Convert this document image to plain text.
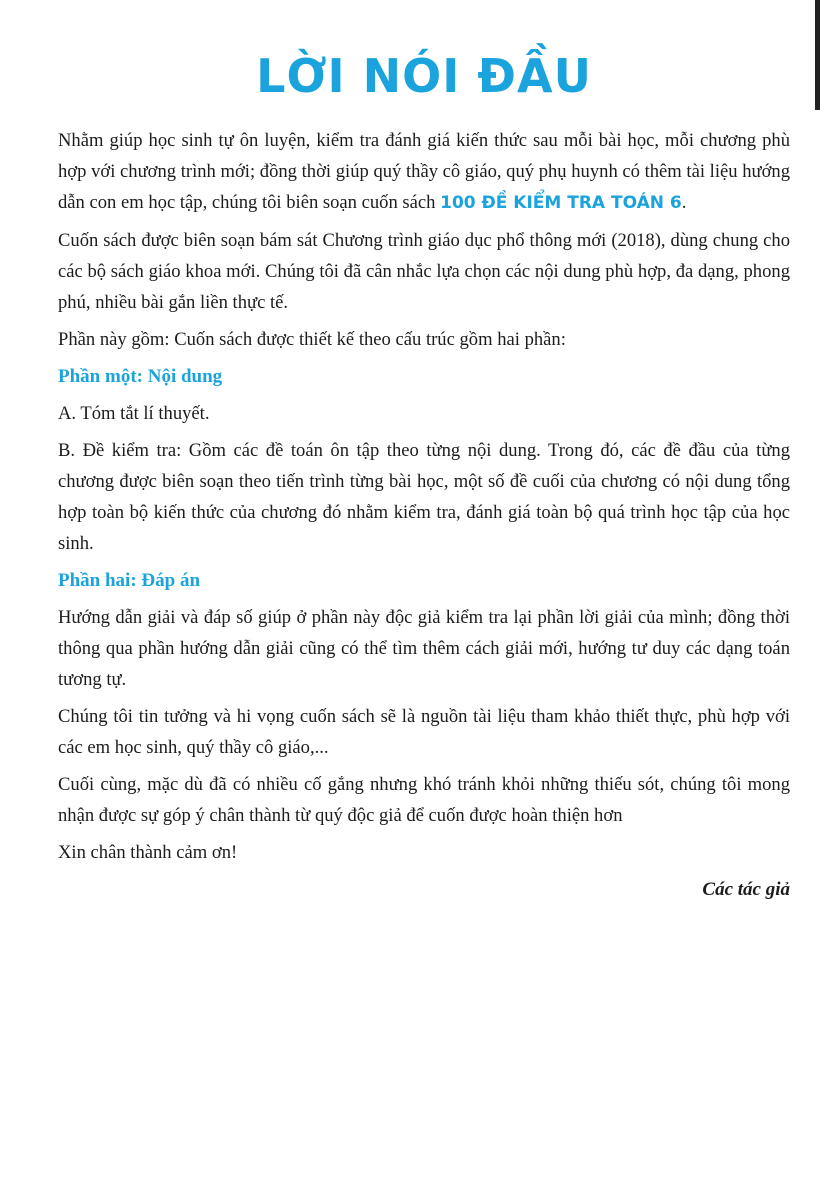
LỜI NÓI ĐẦU

Nhằm giúp học sinh tự ôn luyện, kiểm tra đánh giá kiến thức sau mỗi bài học, mỗi chương phù hợp với chương trình mới; đồng thời giúp quý thầy cô giáo, quý phụ huynh có thêm tài liệu hướng dẫn con em học tập, chúng tôi biên soạn cuốn sách 100 ĐỀ KIỂM TRA TOÁN 6.

Cuốn sách được biên soạn bám sát Chương trình giáo dục phổ thông mới (2018), dùng chung cho các bộ sách giáo khoa mới. Chúng tôi đã cân nhắc lựa chọn các nội dung phù hợp, đa dạng, phong phú, nhiều bài gắn liền thực tế.

Phần này gồm: Cuốn sách được thiết kế theo cấu trúc gồm hai phần:

Phần một: Nội dung

A. Tóm tắt lí thuyết.

B. Đề kiểm tra: Gồm các đề toán ôn tập theo từng nội dung. Trong đó, các đề đầu của từng chương được biên soạn theo tiến trình từng bài học, một số đề cuối của chương có nội dung tổng hợp toàn bộ kiến thức của chương đó nhằm kiểm tra, đánh giá toàn bộ quá trình học tập của học sinh.

Phần hai: Đáp án

Hướng dẫn giải và đáp số giúp ở phần này độc giả kiểm tra lại phần lời giải của mình; đồng thời thông qua phần hướng dẫn giải cũng có thể tìm thêm cách giải mới, hướng tư duy các dạng toán tương tự.

Chúng tôi tin tưởng và hi vọng cuốn sách sẽ là nguồn tài liệu tham khảo thiết thực, phù hợp với các em học sinh, quý thầy cô giáo,...

Cuối cùng, mặc dù đã có nhiều cố gắng nhưng khó tránh khỏi những thiếu sót, chúng tôi mong nhận được sự góp ý chân thành từ quý độc giả để cuốn được hoàn thiện hơn

Xin chân thành cảm ơn!

Các tác giả
